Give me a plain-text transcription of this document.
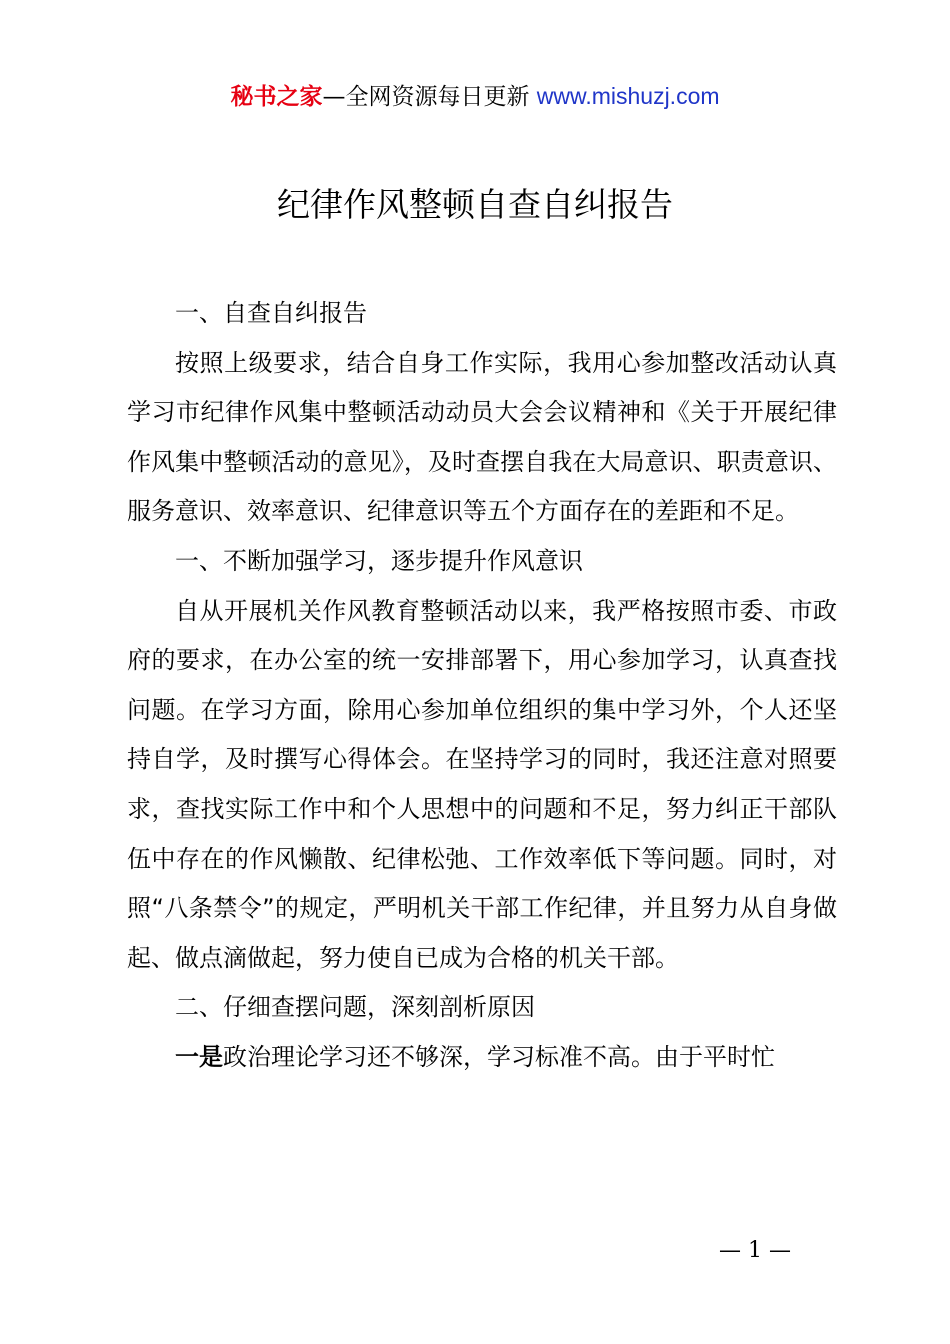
秘书之家—全网资源每日更新 www.mishuzj.com
纪律作风整顿自查自纠报告

一、自查自纠报告

按照上级要求，结合自身工作实际，我用心参加整改活动认真学习市纪律作风集中整顿活动动员大会会议精神和《关于开展纪律作风集中整顿活动的意见》，及时查摆自我在大局意识、职责意识、服务意识、效率意识、纪律意识等五个方面存在的差距和不足。

一、不断加强学习，逐步提升作风意识

自从开展机关作风教育整顿活动以来，我严格按照市委、市政府的要求，在办公室的统一安排部署下，用心参加学习，认真查找问题。在学习方面，除用心参加单位组织的集中学习外，个人还坚持自学，及时撰写心得体会。在坚持学习的同时，我还注意对照要求，查找实际工作中和个人思想中的问题和不足，努力纠正干部队伍中存在的作风懒散、纪律松弛、工作效率低下等问题。同时，对照“八条禁令”的规定，严明机关干部工作纪律，并且努力从自身做起、做点滴做起，努力使自已成为合格的机关干部。

二、仔细查摆问题，深刻剖析原因

一是政治理论学习还不够深，学习标准不高。由于平时忙

— 1 —
